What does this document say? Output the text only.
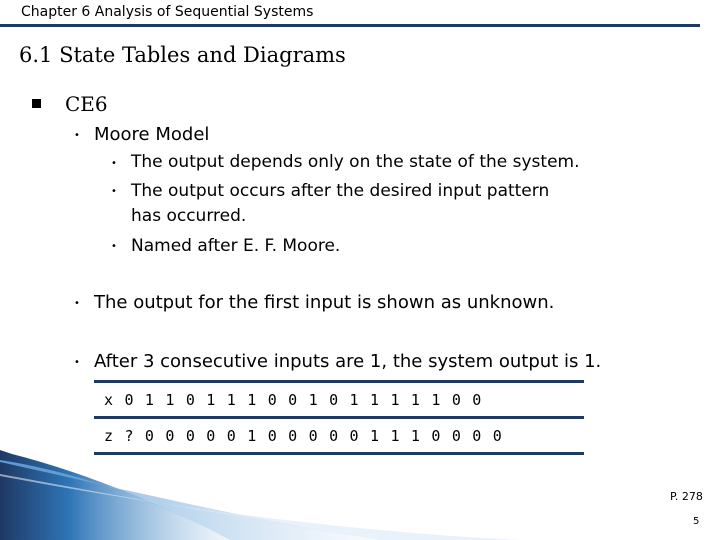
Chapter 6 Analysis of Sequential Systems
6.1 State Tables and Diagrams
CE6
• Moore Model
• The output depends only on the state of the system.
• The output occurs after the desired input pattern
has occurred.
• Named after E. F. Moore.
• The output for the first input is shown as unknown.
• After 3 consecutive inputs are 1, the system output is 1.
x 0 1 1 0 1 1 1 0 0 1 0 1 1 1 1 1 0 0
z ? 0 0 0 0 0 1 0 0 0 0 0 1 1 1 0 0 0 0
P. 278
5
